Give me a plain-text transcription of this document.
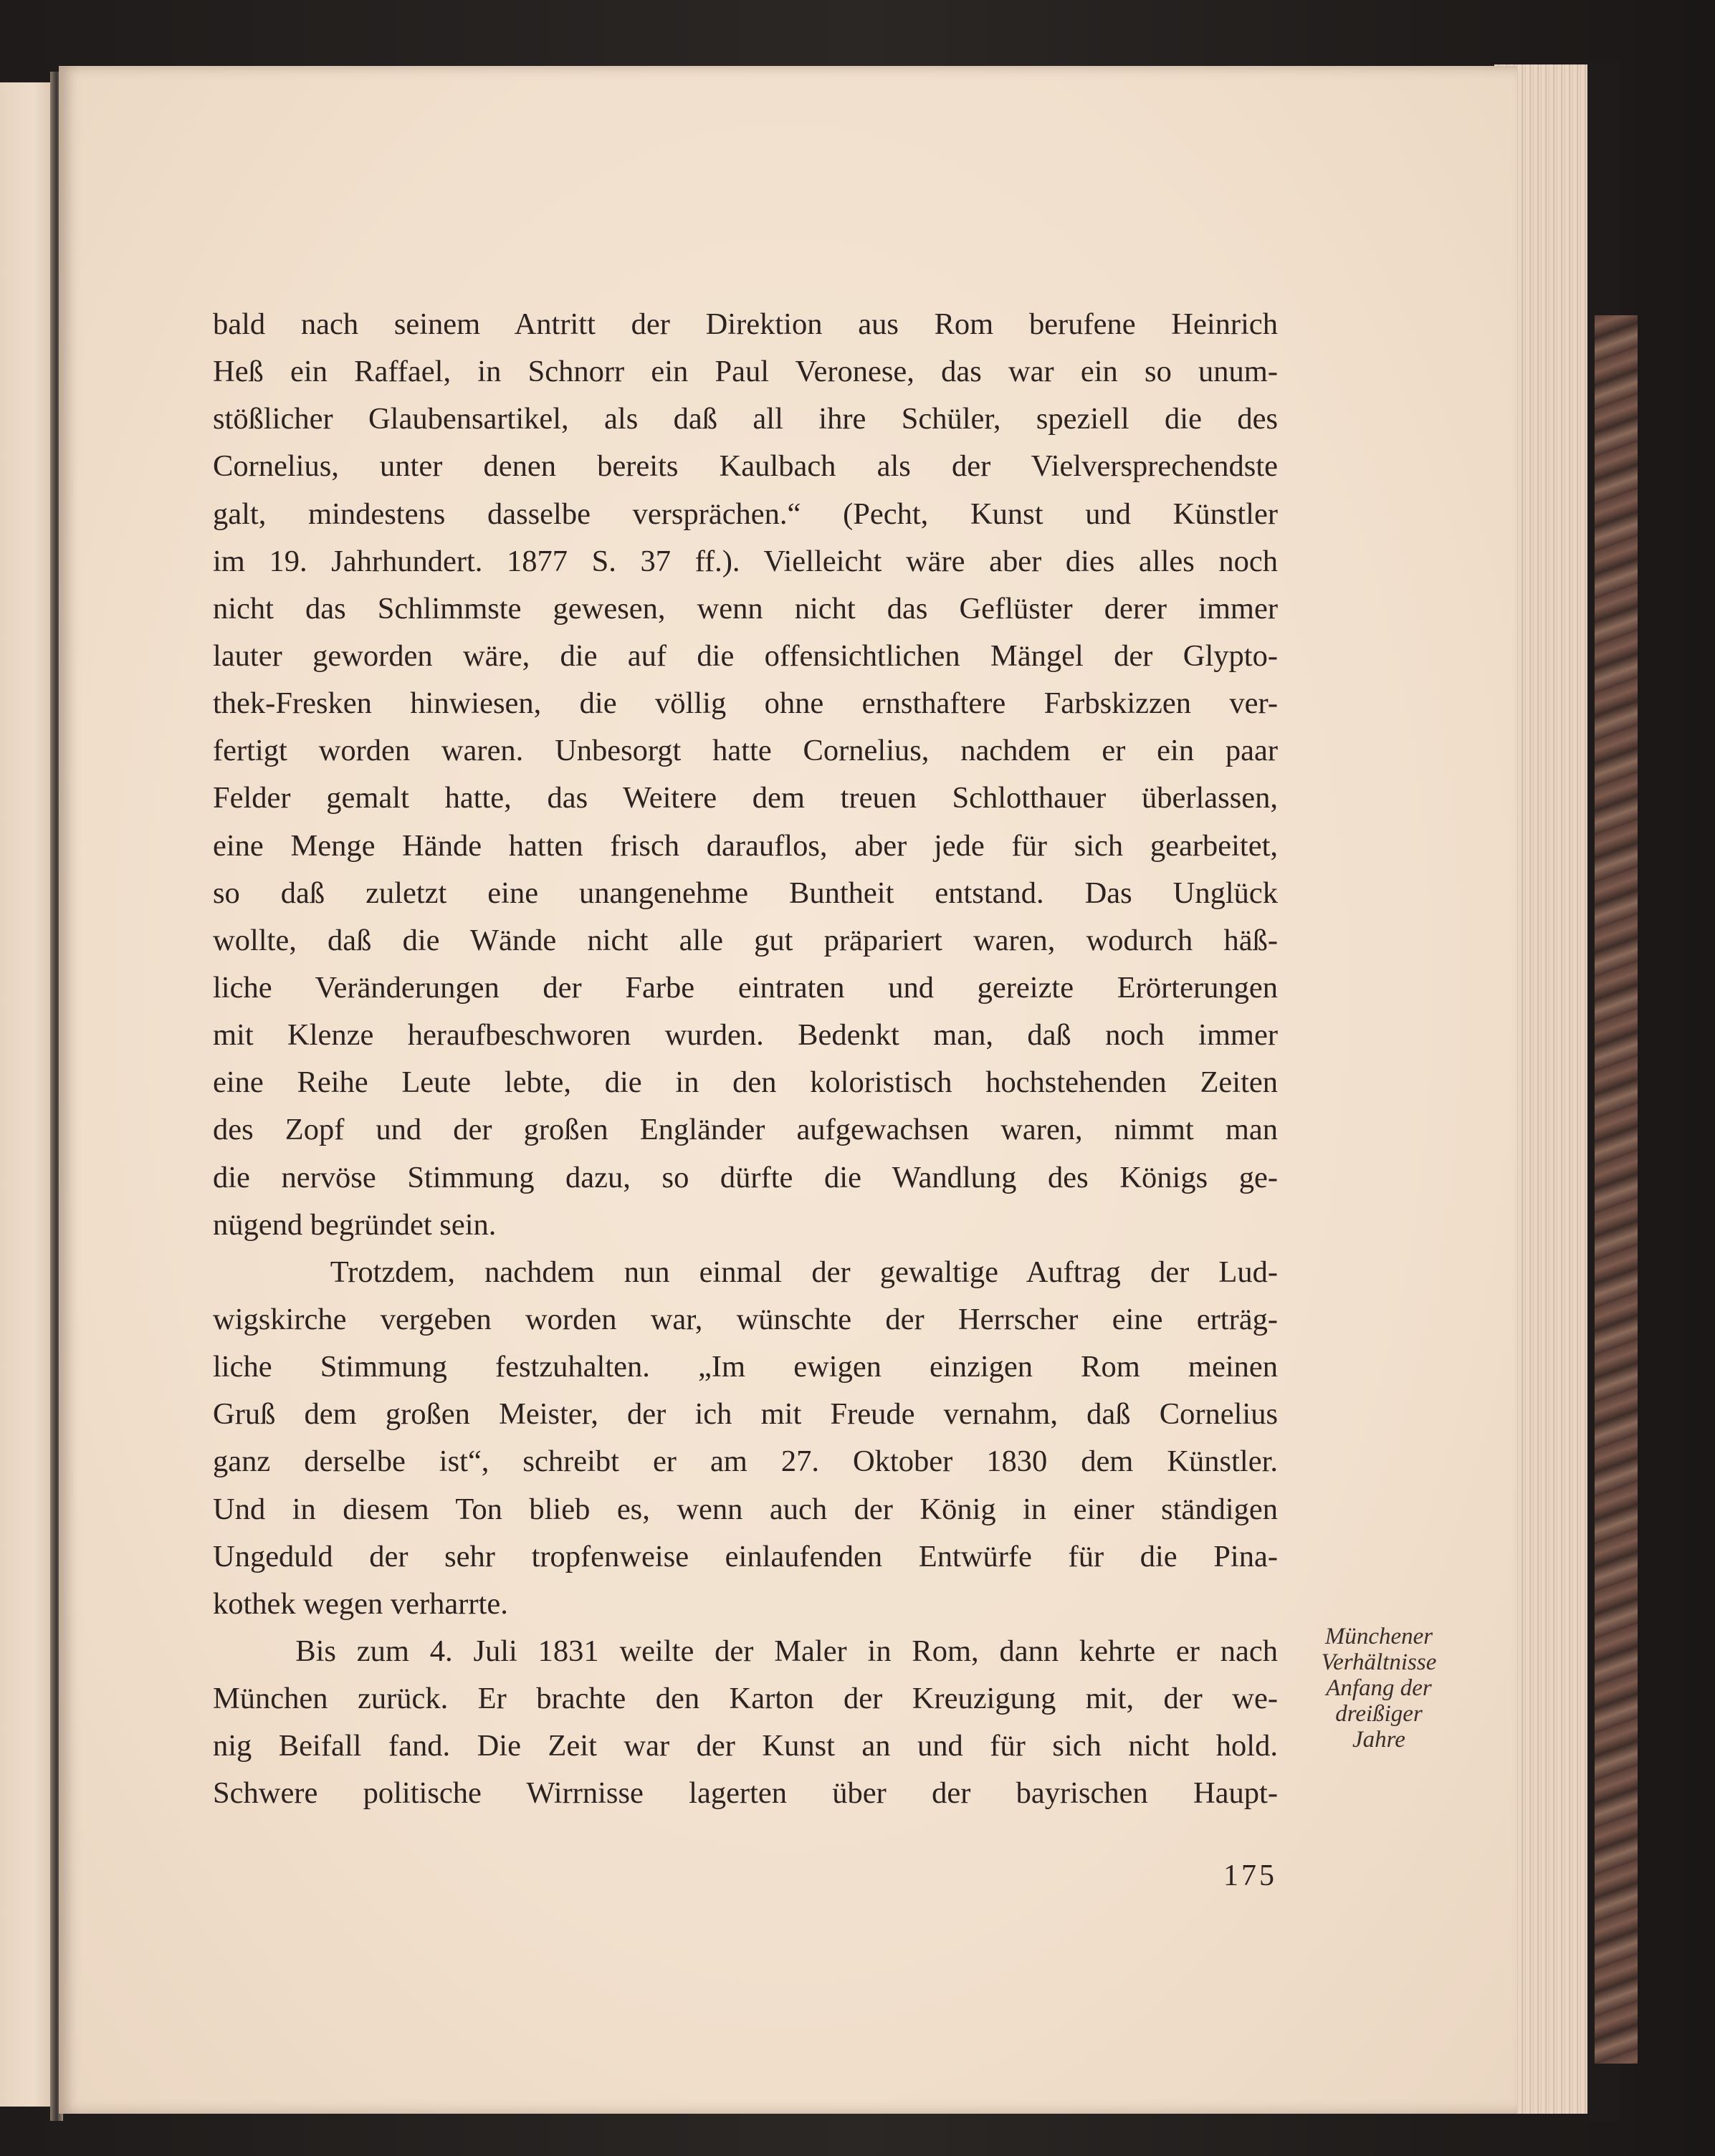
bald nach seinem Antritt der Direktion aus Rom berufene Heinrich
Heß ein Raffael, in Schnorr ein Paul Veronese, das war ein so unum-
stößlicher Glaubensartikel, als daß all ihre Schüler, speziell die des
Cornelius, unter denen bereits Kaulbach als der Vielversprechendste
galt, mindestens dasselbe versprächen.“ (Pecht, Kunst und Künstler
im 19. Jahrhundert. 1877 S. 37 ff.). Vielleicht wäre aber dies alles noch
nicht das Schlimmste gewesen, wenn nicht das Geflüster derer immer
lauter geworden wäre, die auf die offensichtlichen Mängel der Glypto-
thek-Fresken hinwiesen, die völlig ohne ernsthaftere Farbskizzen ver-
fertigt worden waren. Unbesorgt hatte Cornelius, nachdem er ein paar
Felder gemalt hatte, das Weitere dem treuen Schlotthauer überlassen,
eine Menge Hände hatten frisch darauflos, aber jede für sich gearbeitet,
so daß zuletzt eine unangenehme Buntheit entstand. Das Unglück
wollte, daß die Wände nicht alle gut präpariert waren, wodurch häß-
liche Veränderungen der Farbe eintraten und gereizte Erörterungen
mit Klenze heraufbeschworen wurden. Bedenkt man, daß noch immer
eine Reihe Leute lebte, die in den koloristisch hochstehenden Zeiten
des Zopf und der großen Engländer aufgewachsen waren, nimmt man
die nervöse Stimmung dazu, so dürfte die Wandlung des Königs ge-
nügend begründet sein.
Trotzdem, nachdem nun einmal der gewaltige Auftrag der Lud-
wigskirche vergeben worden war, wünschte der Herrscher eine erträg-
liche Stimmung festzuhalten. „Im ewigen einzigen Rom meinen
Gruß dem großen Meister, der ich mit Freude vernahm, daß Cornelius
ganz derselbe ist“, schreibt er am 27. Oktober 1830 dem Künstler.
Und in diesem Ton blieb es, wenn auch der König in einer ständigen
Ungeduld der sehr tropfenweise einlaufenden Entwürfe für die Pina-
kothek wegen verharrte.
Bis zum 4. Juli 1831 weilte der Maler in Rom, dann kehrte er nach
München zurück. Er brachte den Karton der Kreuzigung mit, der we-
nig Beifall fand. Die Zeit war der Kunst an und für sich nicht hold.
Schwere politische Wirrnisse lagerten über der bayrischen Haupt-
Münchener
Verhältnisse
Anfang der
dreißiger
Jahre
175
